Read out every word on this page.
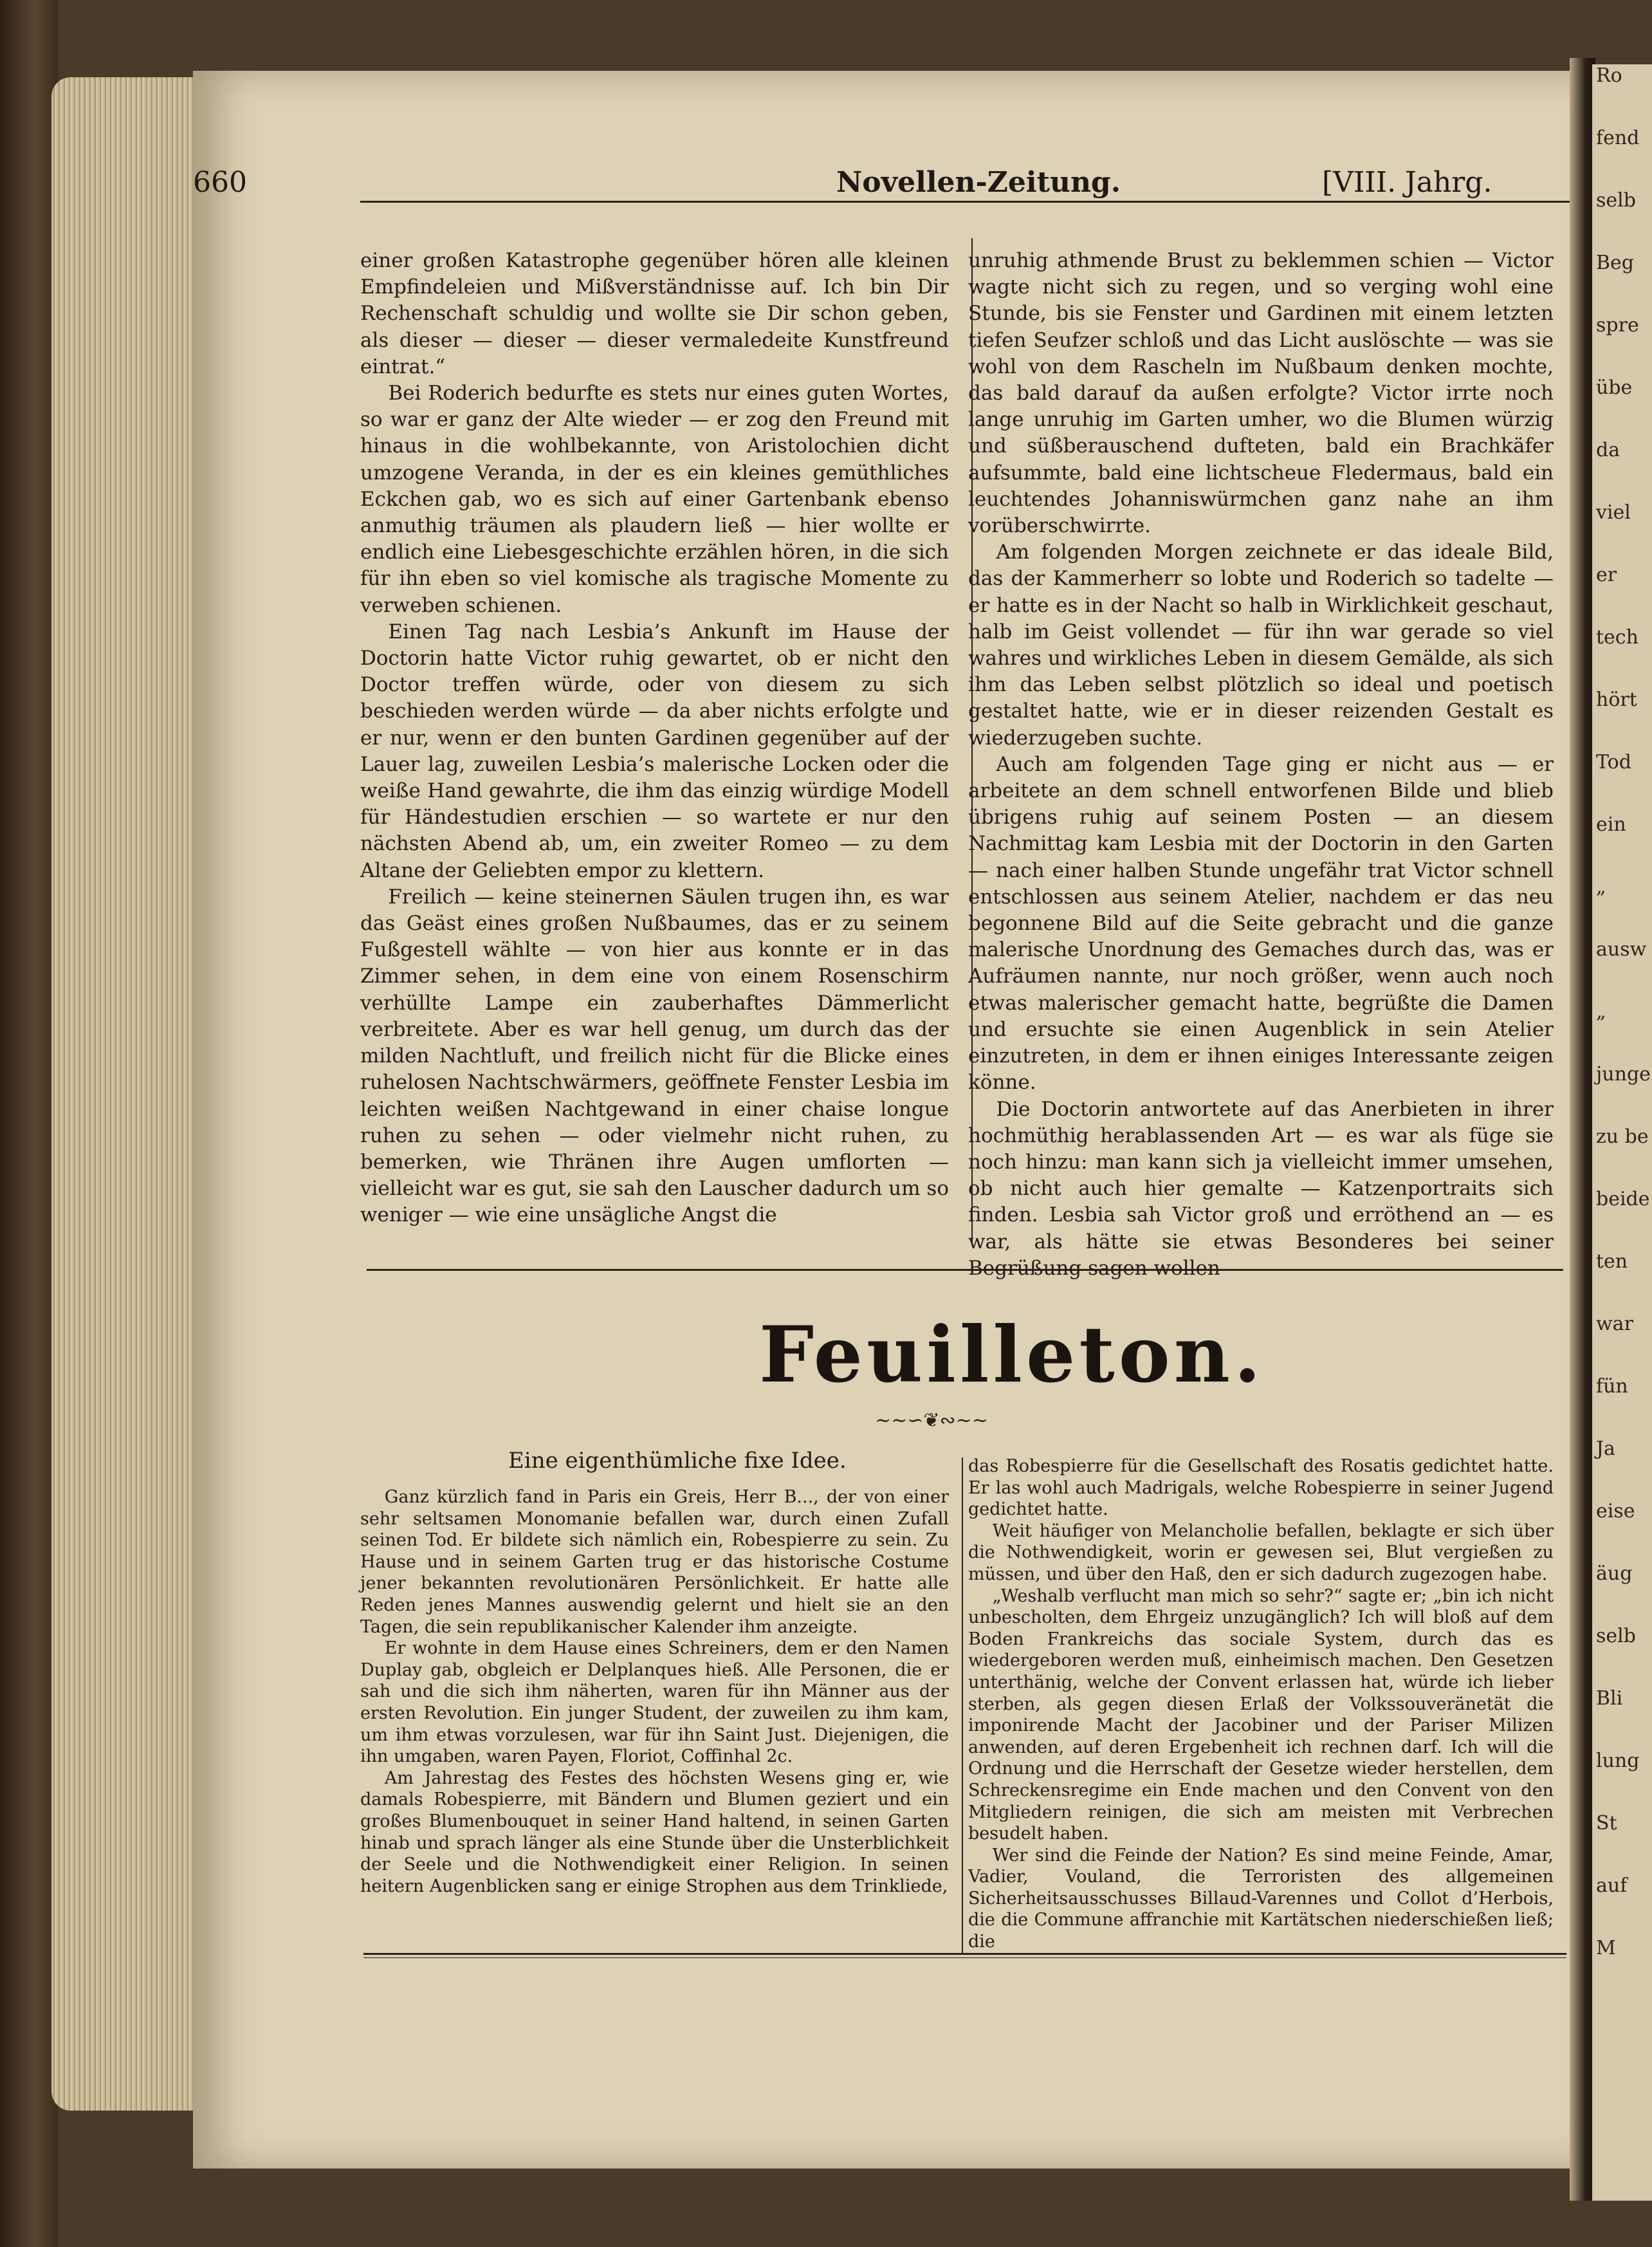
Ro
fend
selb
Beg
spre
übe
da
viel
er
tech
hört
Tod
ein
„
ausw
„
junge
zu be
beide
ten
war
fün
Ja
eise
äug
selb
Bli
lung
St
auf
M
660	Novellen-Zeitung.	[VIII. Jahrg.

einer großen Katastrophe gegenüber hören alle kleinen Empfindeleien und Mißverständnisse auf. Ich bin Dir Rechenschaft schuldig und wollte sie Dir schon geben, als dieser — dieser — dieser vermaledeite Kunstfreund eintrat.“

Bei Roderich bedurfte es stets nur eines guten Wortes, so war er ganz der Alte wieder — er zog den Freund mit hinaus in die wohlbekannte, von Aristolochien dicht umzogene Veranda, in der es ein kleines gemüthliches Eckchen gab, wo es sich auf einer Gartenbank ebenso anmuthig träumen als plaudern ließ — hier wollte er endlich eine Liebesgeschichte erzählen hören, in die sich für ihn eben so viel komische als tragische Momente zu verweben schienen.

Einen Tag nach Lesbia’s Ankunft im Hause der Doctorin hatte Victor ruhig gewartet, ob er nicht den Doctor treffen würde, oder von diesem zu sich beschieden werden würde — da aber nichts erfolgte und er nur, wenn er den bunten Gardinen gegenüber auf der Lauer lag, zuweilen Lesbia’s malerische Locken oder die weiße Hand gewahrte, die ihm das einzig würdige Modell für Händestudien erschien — so wartete er nur den nächsten Abend ab, um, ein zweiter Romeo — zu dem Altane der Geliebten empor zu klettern.

Freilich — keine steinernen Säulen trugen ihn, es war das Geäst eines großen Nußbaumes, das er zu seinem Fußgestell wählte — von hier aus konnte er in das Zimmer sehen, in dem eine von einem Rosenschirm verhüllte Lampe ein zauberhaftes Dämmerlicht verbreitete. Aber es war hell genug, um durch das der milden Nachtluft, und freilich nicht für die Blicke eines ruhelosen Nachtschwärmers, geöffnete Fenster Lesbia im leichten weißen Nachtgewand in einer chaise longue ruhen zu sehen — oder vielmehr nicht ruhen, zu bemerken, wie Thränen ihre Augen umflorten — vielleicht war es gut, sie sah den Lauscher dadurch um so weniger — wie eine unsägliche Angst die

unruhig athmende Brust zu beklemmen schien — Victor wagte nicht sich zu regen, und so verging wohl eine Stunde, bis sie Fenster und Gardinen mit einem letzten tiefen Seufzer schloß und das Licht auslöschte — was sie wohl von dem Rascheln im Nußbaum denken mochte, das bald darauf da außen erfolgte? Victor irrte noch lange unruhig im Garten umher, wo die Blumen würzig und süßberauschend dufteten, bald ein Brachkäfer aufsummte, bald eine lichtscheue Fledermaus, bald ein leuchtendes Johanniswürmchen ganz nahe an ihm vorüberschwirrte.

Am folgenden Morgen zeichnete er das ideale Bild, das der Kammerherr so lobte und Roderich so tadelte — er hatte es in der Nacht so halb in Wirklichkeit geschaut, halb im Geist vollendet — für ihn war gerade so viel wahres und wirkliches Leben in diesem Gemälde, als sich ihm das Leben selbst plötzlich so ideal und poetisch gestaltet hatte, wie er in dieser reizenden Gestalt es wiederzugeben suchte.

Auch am folgenden Tage ging er nicht aus — er arbeitete an dem schnell entworfenen Bilde und blieb übrigens ruhig auf seinem Posten — an diesem Nachmittag kam Lesbia mit der Doctorin in den Garten — nach einer halben Stunde ungefähr trat Victor schnell entschlossen aus seinem Atelier, nachdem er das neu begonnene Bild auf die Seite gebracht und die ganze malerische Unordnung des Gemaches durch das, was er Aufräumen nannte, nur noch größer, wenn auch noch etwas malerischer gemacht hatte, begrüßte die Damen und ersuchte sie einen Augenblick in sein Atelier einzutreten, in dem er ihnen einiges Interessante zeigen könne.

Die Doctorin antwortete auf das Anerbieten in ihrer hochmüthig herablassenden Art — es war als füge sie noch hinzu: man kann sich ja vielleicht immer umsehen, ob nicht auch hier gemalte — Katzenportraits sich finden. Lesbia sah Victor groß und erröthend an — es war, als hätte sie etwas Besonderes bei seiner Begrüßung sagen wollen

Feuilleton.
~~∽❦∾~~
Eine eigenthümliche fixe Idee.

Ganz kürzlich fand in Paris ein Greis, Herr B..., der von einer sehr seltsamen Monomanie befallen war, durch einen Zufall seinen Tod. Er bildete sich nämlich ein, Robespierre zu sein. Zu Hause und in seinem Garten trug er das historische Costume jener bekannten revolutionären Persönlichkeit. Er hatte alle Reden jenes Mannes auswendig gelernt und hielt sie an den Tagen, die sein republikanischer Kalender ihm anzeigte.

Er wohnte in dem Hause eines Schreiners, dem er den Namen Duplay gab, obgleich er Delplanques hieß. Alle Personen, die er sah und die sich ihm näherten, waren für ihn Männer aus der ersten Revolution. Ein junger Student, der zuweilen zu ihm kam, um ihm etwas vorzulesen, war für ihn Saint Just. Diejenigen, die ihn umgaben, waren Payen, Floriot, Coffinhal 2c.

Am Jahrestag des Festes des höchsten Wesens ging er, wie damals Robespierre, mit Bändern und Blumen geziert und ein großes Blumenbouquet in seiner Hand haltend, in seinen Garten hinab und sprach länger als eine Stunde über die Unsterblichkeit der Seele und die Nothwendigkeit einer Religion. In seinen heitern Augenblicken sang er einige Strophen aus dem Trinkliede,

das Robespierre für die Gesellschaft des Rosatis gedichtet hatte. Er las wohl auch Madrigals, welche Robespierre in seiner Jugend gedichtet hatte.

Weit häufiger von Melancholie befallen, beklagte er sich über die Nothwendigkeit, worin er gewesen sei, Blut vergießen zu müssen, und über den Haß, den er sich dadurch zugezogen habe.

„Weshalb verflucht man mich so sehr?“ sagte er; „bin ich nicht unbescholten, dem Ehrgeiz unzugänglich? Ich will bloß auf dem Boden Frankreichs das sociale System, durch das es wiedergeboren werden muß, einheimisch machen. Den Gesetzen unterthänig, welche der Convent erlassen hat, würde ich lieber sterben, als gegen diesen Erlaß der Volkssouveränetät die imponirende Macht der Jacobiner und der Pariser Milizen anwenden, auf deren Ergebenheit ich rechnen darf. Ich will die Ordnung und die Herrschaft der Gesetze wieder herstellen, dem Schreckensregime ein Ende machen und den Convent von den Mitgliedern reinigen, die sich am meisten mit Verbrechen besudelt haben.

Wer sind die Feinde der Nation? Es sind meine Feinde, Amar, Vadier, Vouland, die Terroristen des allgemeinen Sicherheitsausschusses Billaud-Varennes und Collot d’Herbois, die die Commune affranchie mit Kartätschen niederschießen ließ; die
